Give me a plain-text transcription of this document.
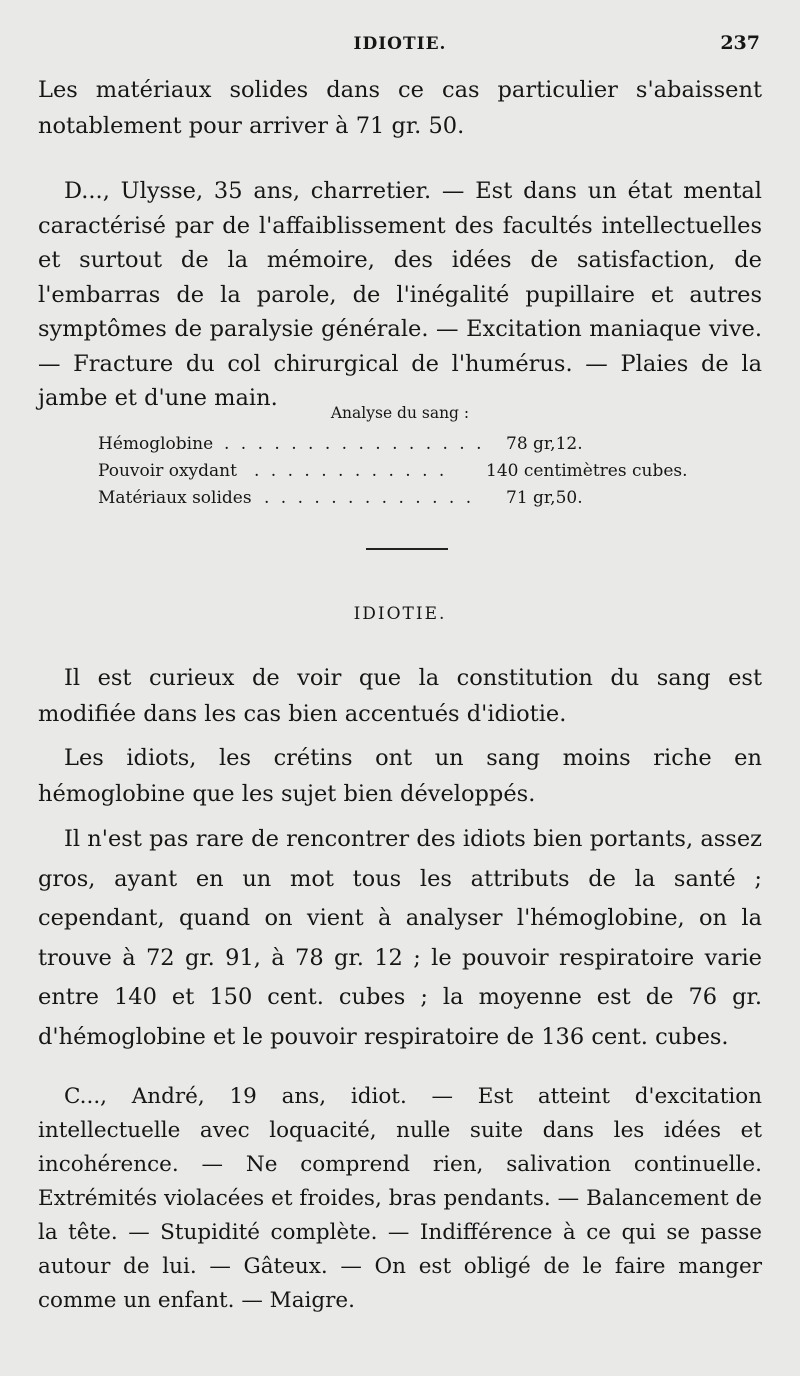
IDIOTIE.	237

Les matériaux solides dans ce cas particulier s'abaissent notablement pour arriver à 71 gr. 50.

D..., Ulysse, 35 ans, charretier. — Est dans un état mental caractérisé par de l'affaiblissement des facultés intellectuelles et surtout de la mémoire, des idées de satisfaction, de l'embarras de la parole, de l'inégalité pupillaire et autres symptômes de paralysie générale. — Excitation maniaque vive. — Fracture du col chirurgical de l'humérus. — Plaies de la jambe et d'une main.

Analyse du sang :
Hémoglobine . . . . . . . . . . . . . . . .	78 gr,12.
Pouvoir oxydant . . . . . . . . . . . .	140 centimètres cubes.
Matériaux solides . . . . . . . . . . . . .	71 gr,50.
IDIOTIE.

Il est curieux de voir que la constitution du sang est modifiée dans les cas bien accentués d'idiotie.

Les idiots, les crétins ont un sang moins riche en hémoglobine que les sujet bien développés.

Il n'est pas rare de rencontrer des idiots bien portants, assez gros, ayant en un mot tous les attributs de la santé ; cependant, quand on vient à analyser l'hémoglobine, on la trouve à 72 gr. 91, à 78 gr. 12 ; le pouvoir respiratoire varie entre 140 et 150 cent. cubes ; la moyenne est de 76 gr. d'hémoglobine et le pouvoir respiratoire de 136 cent. cubes.

C..., André, 19 ans, idiot. — Est atteint d'excitation intellectuelle avec loquacité, nulle suite dans les idées et incohérence. — Ne comprend rien, salivation continuelle. Extrémités violacées et froides, bras pendants. — Balancement de la tête. — Stupidité complète. — Indifférence à ce qui se passe autour de lui. — Gâteux. — On est obligé de le faire manger comme un enfant. — Maigre.
